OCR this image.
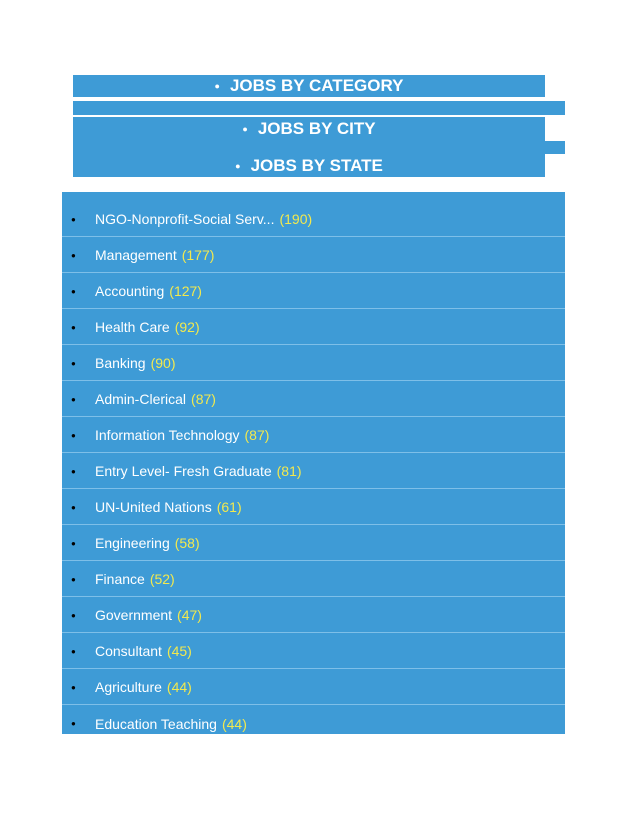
● JOBS BY CATEGORY
● JOBS BY CITY
● JOBS BY STATE
● NGO-Nonprofit-Social Serv... (190)
● Management (177)
● Accounting (127)
● Health Care (92)
● Banking (90)
● Admin-Clerical (87)
● Information Technology (87)
● Entry Level- Fresh Graduate (81)
● UN-United Nations (61)
● Engineering (58)
● Finance (52)
● Government (47)
● Consultant (45)
● Agriculture (44)
● Education Teaching (44)
